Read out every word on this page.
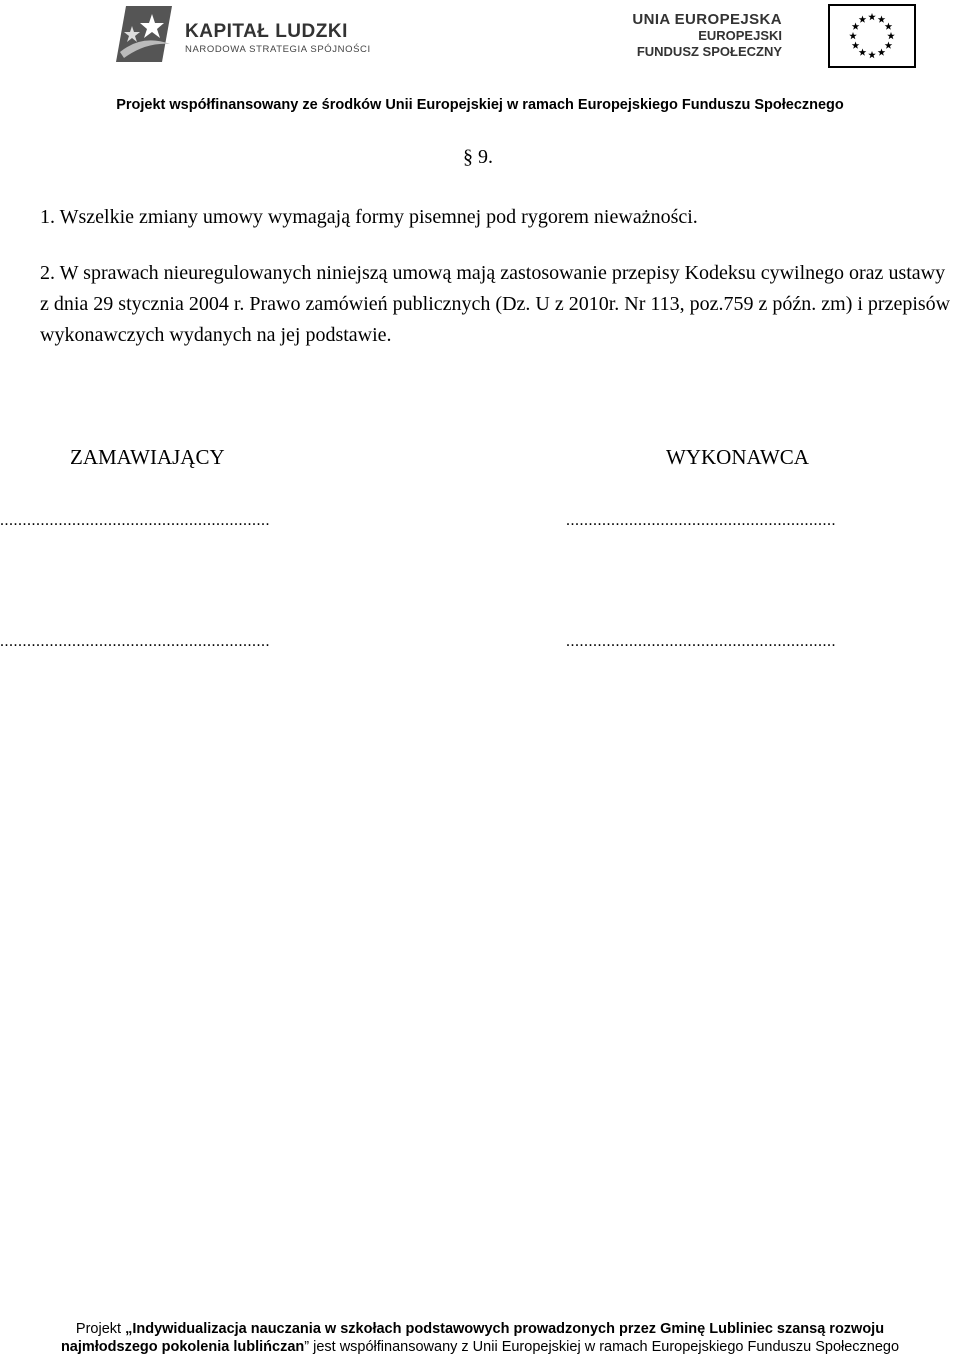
KAPITAŁ LUDZKI
NARODOWA STRATEGIA SPÓJNOŚCI
UNIA EUROPEJSKA
EUROPEJSKI
FUNDUSZ SPOŁECZNY
Projekt współfinansowany ze środków Unii Europejskiej w ramach Europejskiego Funduszu Społecznego
§ 9.
1. Wszelkie zmiany umowy wymagają formy pisemnej pod rygorem nieważności.
2. W sprawach nieuregulowanych niniejszą umową mają zastosowanie przepisy Kodeksu cywilnego oraz ustawy z dnia 29 stycznia 2004 r. Prawo zamówień publicznych (Dz. U z 2010r. Nr 113, poz.759 z późn. zm) i przepisów wykonawczych wydanych na jej podstawie.
ZAMAWIAJĄCY	WYKONAWCA
............................................................	............................................................
............................................................	............................................................
Projekt „Indywidualizacja nauczania w szkołach podstawowych prowadzonych przez Gminę Lubliniec szansą rozwoju
najmłodszego pokolenia lublińczan” jest współfinansowany z Unii Europejskiej w ramach Europejskiego Funduszu Społecznego
